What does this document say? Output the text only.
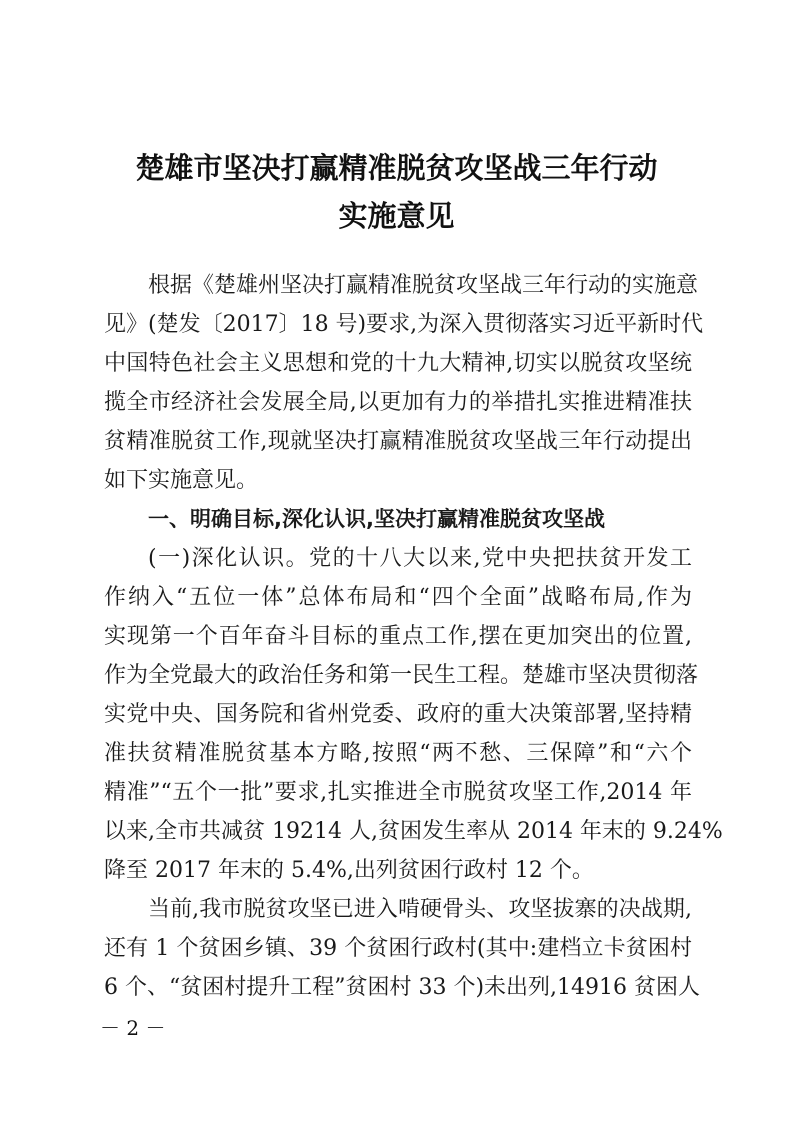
楚雄市坚决打赢精准脱贫攻坚战三年行动
实施意见
根据《楚雄州坚决打赢精准脱贫攻坚战三年行动的实施意
见》(楚发〔2017〕18 号)要求,为深入贯彻落实习近平新时代
中国特色社会主义思想和党的十九大精神,切实以脱贫攻坚统
揽全市经济社会发展全局,以更加有力的举措扎实推进精准扶
贫精准脱贫工作,现就坚决打赢精准脱贫攻坚战三年行动提出
如下实施意见。
一、明确目标,深化认识,坚决打赢精准脱贫攻坚战
(一)深化认识。党的十八大以来,党中央把扶贫开发工
作纳入“五位一体”总体布局和“四个全面”战略布局,作为
实现第一个百年奋斗目标的重点工作,摆在更加突出的位置,
作为全党最大的政治任务和第一民生工程。楚雄市坚决贯彻落
实党中央、国务院和省州党委、政府的重大决策部署,坚持精
准扶贫精准脱贫基本方略,按照“两不愁、三保障”和“六个
精准”“五个一批”要求,扎实推进全市脱贫攻坚工作,2014 年
以来,全市共减贫 19214 人,贫困发生率从 2014 年末的 9.24%
降至 2017 年末的 5.4%,出列贫困行政村 12 个。
当前,我市脱贫攻坚已进入啃硬骨头、攻坚拔寨的决战期,
还有 1 个贫困乡镇、39 个贫困行政村(其中:建档立卡贫困村
6 个、“贫困村提升工程”贫困村 33 个)未出列,14916 贫困人
－ 2 －
